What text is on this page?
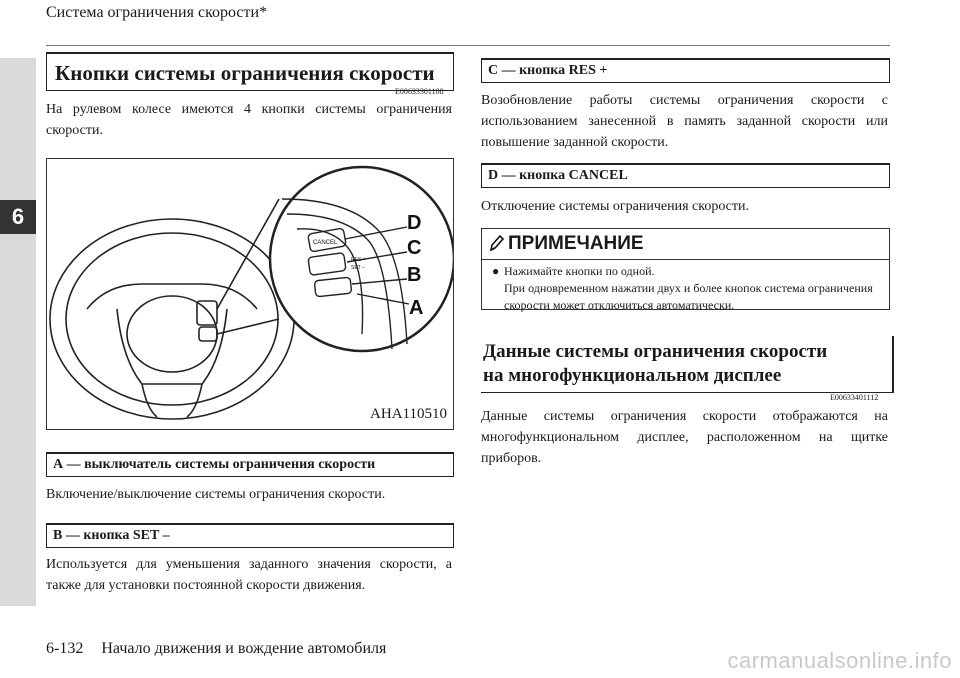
6
Система ограничения скорости*
Кнопки системы ограничения скорости
E00633301108
На рулевом колесе имеются 4 кнопки системы ограничения скорости.
D
C
B
A
CANCEL
RES +
SET –
AHA110510
А — выключатель системы ограничения скорости
Включение/выключение системы ограничения скорости.
В — кнопка SET –
Используется для уменьшения заданного значения скорости, а также для установки постоянной скорости движения.
С — кнопка RES +
Возобновление работы системы ограничения скорости с использованием занесенной в память заданной скорости или повышение заданной скорости.
D — кнопка CANCEL
Отключение системы ограничения скорости.
ПРИМЕЧАНИЕ
● Нажимайте кнопки по одной.
При одновременном нажатии двух и более кнопок система ограничения скорости может отключиться автоматически.
Данные системы ограничения скорости
на многофункциональном дисплее
E00633401112
Данные системы ограничения скорости отображаются на многофункциональном дисплее, расположенном на щитке приборов.
6-132 Начало движения и вождение автомобиля	carmanualsonline.info
